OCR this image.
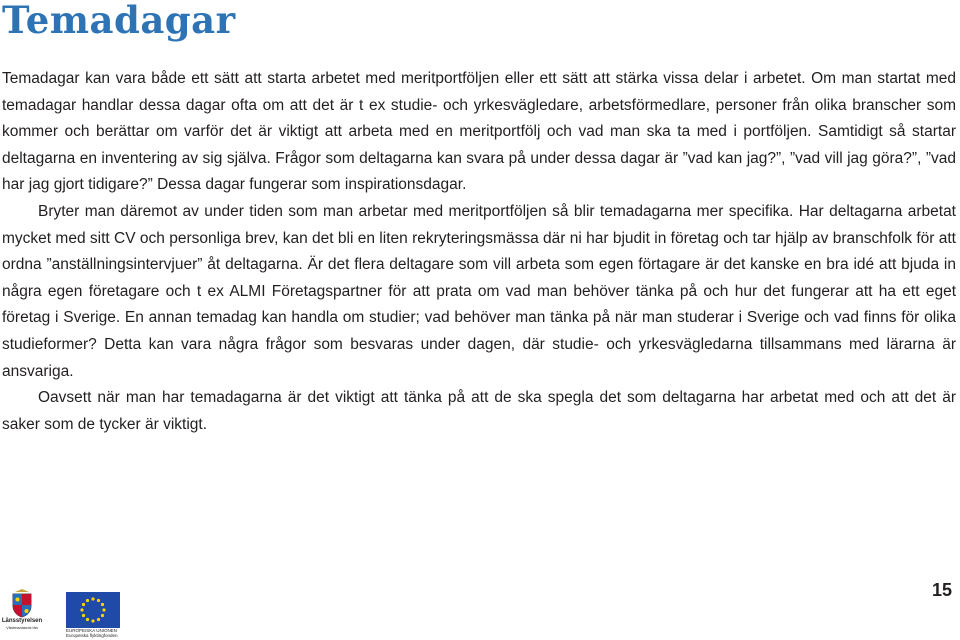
Temadagar

Temadagar kan vara både ett sätt att starta arbetet med meritportföljen eller ett sätt att stärka vissa delar i arbetet. Om man startat med temadagar handlar dessa dagar ofta om att det är t ex studie- och yrkesvägledare, arbetsförmedlare, personer från olika branscher som kommer och berättar om varför det är viktigt att arbeta med en meritportfölj och vad man ska ta med i portföljen. Samtidigt så startar deltagarna en inventering av sig själva. Frågor som deltagarna kan svara på under dessa dagar är ”vad kan jag?”, ”vad vill jag göra?”, ”vad har jag gjort tidigare?” Dessa dagar fungerar som inspirationsdagar.

Bryter man däremot av under tiden som man arbetar med meritportföljen så blir temadagarna mer specifika. Har deltagarna arbetat mycket med sitt CV och personliga brev, kan det bli en liten rekryteringsmässa där ni har bjudit in företag och tar hjälp av branschfolk för att ordna ”anställningsintervjuer” åt deltagarna. Är det flera deltagare som vill arbeta som egen förtagare är det kanske en bra idé att bjuda in några egen företagare och t ex ALMI Företagspartner för att prata om vad man behöver tänka på och hur det fungerar att ha ett eget företag i Sverige. En annan temadag kan handla om studier; vad behöver man tänka på när man studerar i Sverige och vad finns för olika studieformer? Detta kan vara några frågor som besvaras under dagen, där studie- och yrkesvägledarna tillsammans med lärarna är ansvariga.

Oavsett när man har temadagarna är det viktigt att tänka på att de ska spegla det som deltagarna har arbetat med och att det är saker som de tycker är viktigt.

15
Länsstyrelsen
Västmanlands län
EUROPEISKA UNIONEN
Europeiska flyktingfonden
